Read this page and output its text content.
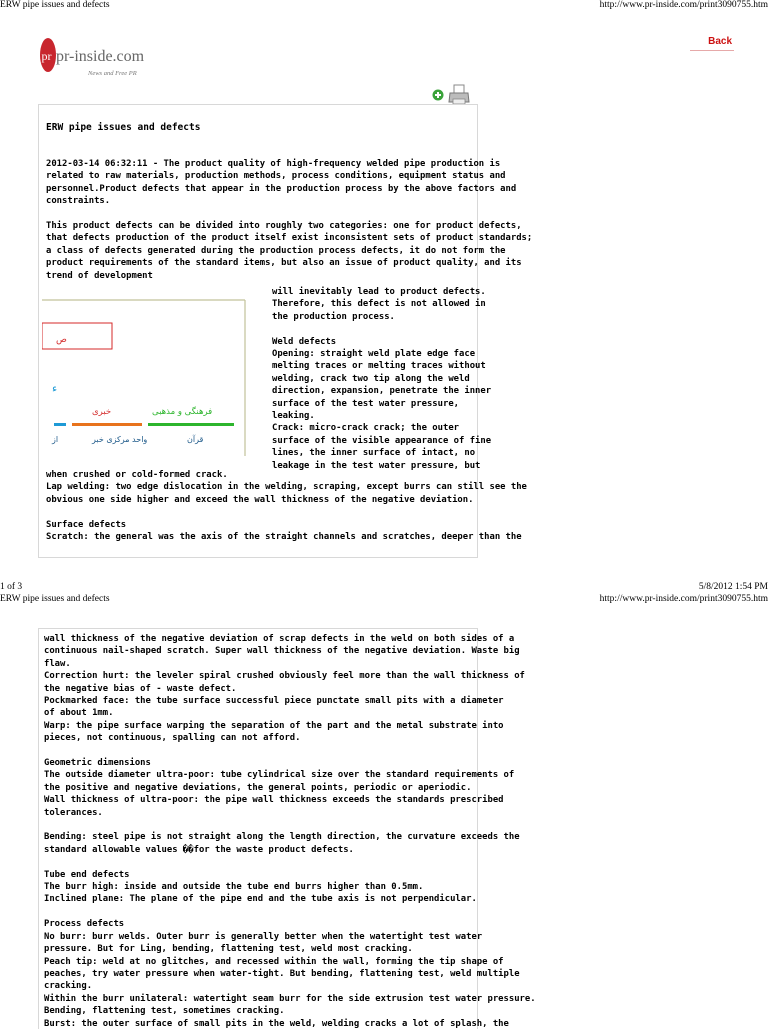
ERW pipe issues and defects	http://www.pr-inside.com/print3090755.htm
pr pr-inside.com
News and Free PR
Back
ERW pipe issues and defects

2012-03-14 06:32:11 - The product quality of high-frequency welded pipe production is

related to raw materials, production methods, process conditions, equipment status and

personnel.Product defects that appear in the production process by the above factors and

constraints.

This product defects can be divided into roughly two categories: one for product defects,

that defects production of the product itself exist inconsistent sets of product standards;

a class of defects generated during the production process defects, it do not form the

product requirements of the standard items, but also an issue of product quality, and its

trend of development

ص
ء
فرهنگی و مذهبی
خبری
قرآن
واحد مرکزی خبر
از

will inevitably lead to product defects.

Therefore, this defect is not allowed in

the production process.

Weld defects

Opening: straight weld plate edge face

melting traces or melting traces without

welding, crack two tip along the weld

direction, expansion, penetrate the inner

surface of the test water pressure,

leaking.

Crack: micro-crack crack; the outer

surface of the visible appearance of fine

lines, the inner surface of intact, no

leakage in the test water pressure, but

when crushed or cold-formed crack.

Lap welding: two edge dislocation in the welding, scraping, except burrs can still see the

obvious one side higher and exceed the wall thickness of the negative deviation.

Surface defects

Scratch: the general was the axis of the straight channels and scratches, deeper than the

1 of 3	5/8/2012 1:54 PM
ERW pipe issues and defects	http://www.pr-inside.com/print3090755.htm

wall thickness of the negative deviation of scrap defects in the weld on both sides of a

continuous nail-shaped scratch. Super wall thickness of the negative deviation. Waste big

flaw.

Correction hurt: the leveler spiral crushed obviously feel more than the wall thickness of

the negative bias of - waste defect.

Pockmarked face: the tube surface successful piece punctate small pits with a diameter

of about 1mm.

Warp: the pipe surface warping the separation of the part and the metal substrate into

pieces, not continuous, spalling can not afford.

Geometric dimensions

The outside diameter ultra-poor: tube cylindrical size over the standard requirements of

the positive and negative deviations, the general points, periodic or aperiodic.

Wall thickness of ultra-poor: the pipe wall thickness exceeds the standards prescribed

tolerances.

Bending: steel pipe is not straight along the length direction, the curvature exceeds the

standard allowable values ��for the waste product defects.

Tube end defects

The burr high: inside and outside the tube end burrs higher than 0.5mm.

Inclined plane: The plane of the pipe end and the tube axis is not perpendicular.

Process defects

No burr: burr welds. Outer burr is generally better when the watertight test water

pressure. But for Ling, bending, flattening test, weld most cracking.

Peach tip: weld at no glitches, and recessed within the wall, forming the tip shape of

peaches, try water pressure when water-tight. But bending, flattening test, weld multiple

cracking.

Within the burr unilateral: watertight seam burr for the side extrusion test water pressure.

Bending, flattening test, sometimes cracking.

Burst: the outer surface of small pits in the weld, welding cracks a lot of splash, the
